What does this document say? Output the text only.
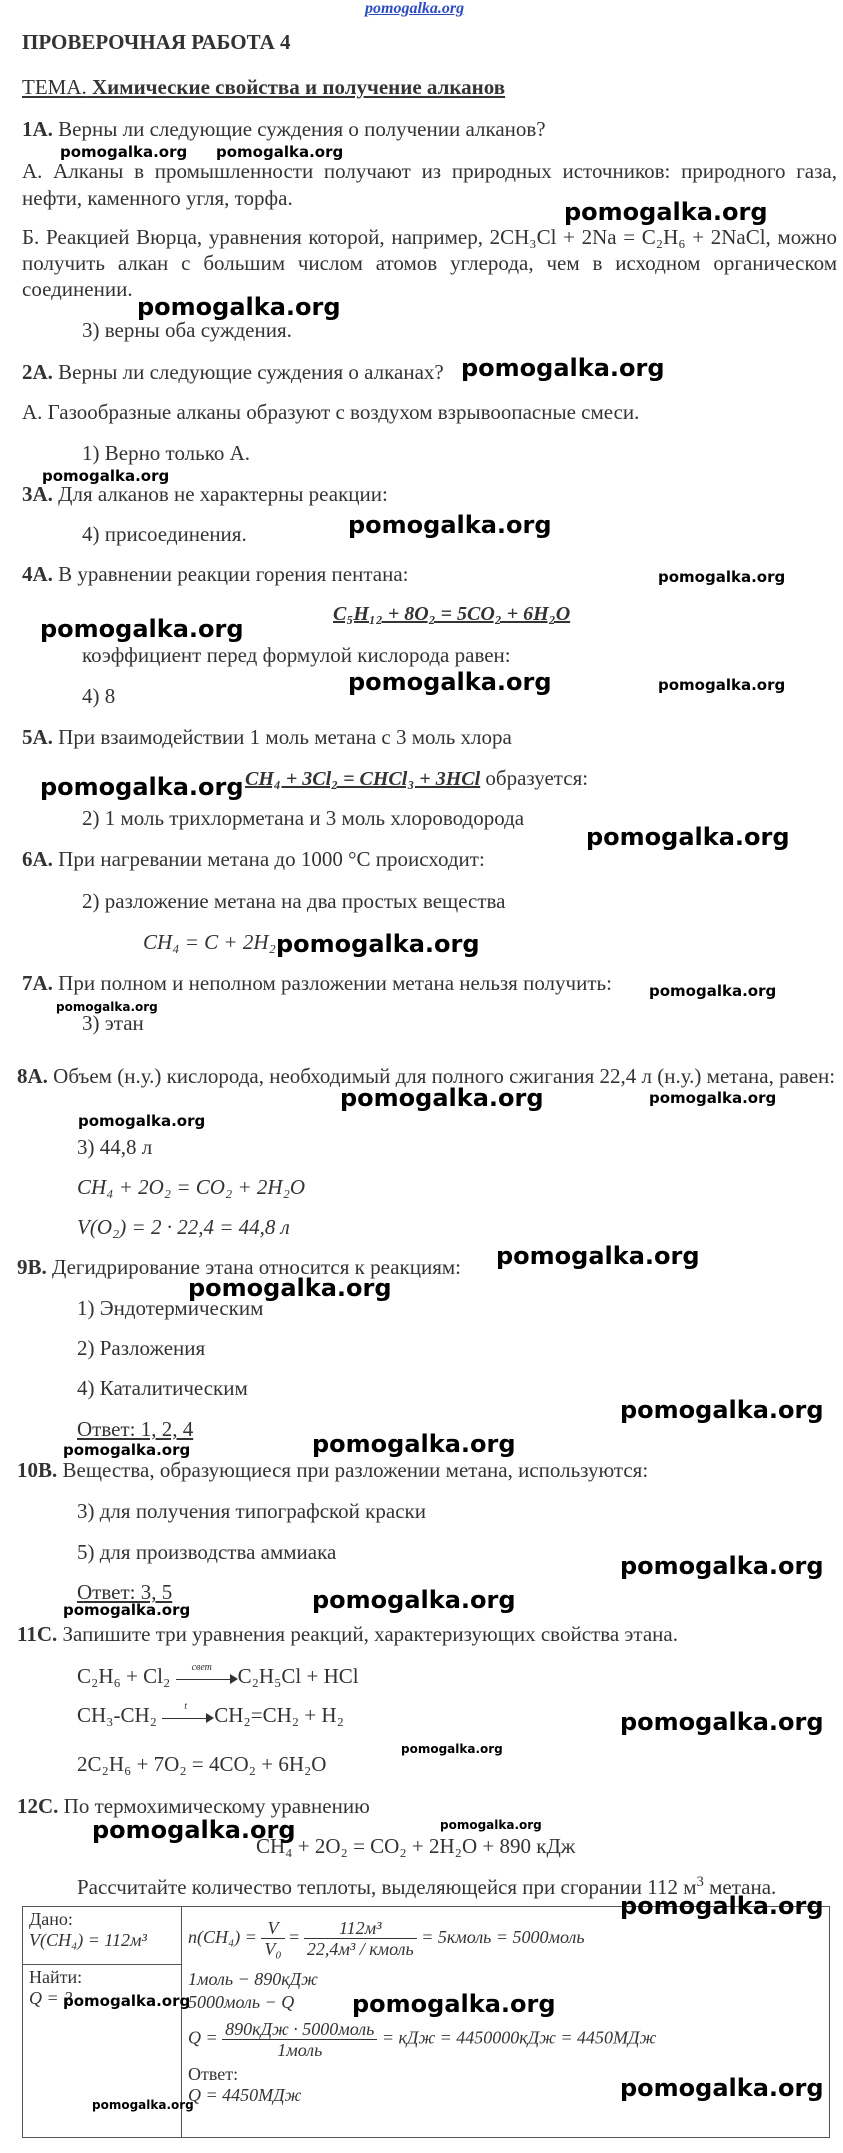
pomogalka.org
ПРОВЕРОЧНАЯ РАБОТА 4
ТЕМА. Химические свойства и получение алканов
1А. Верны ли следующие суждения о получении алканов?
А. Алканы в промышленности получают из природных источников: природного газа, нефти, каменного угля, торфа.
Б. Реакцией Вюрца, уравнения которой, например, 2CH₃Cl + 2Na = C₂H₆ + 2NaCl, можно получить алкан с большим числом атомов углерода, чем в исходном органическом соединении.
3) верны оба суждения.
2А. Верны ли следующие суждения о алканах?
А. Газообразные алканы образуют с воздухом взрывоопасные смеси.
1) Верно только А.
3А. Для алканов не характерны реакции:
4) присоединения.
4А. В уравнении реакции горения пентана:
C₅H₁₂ + 8O₂ = 5CO₂ + 6H₂O
коэффициент перед формулой кислорода равен:
4) 8
5А. При взаимодействии 1 моль метана с 3 моль хлора
CH₄ + 3Cl₂ = CHCl₃ + 3HCl образуется:
2) 1 моль трихлорметана и 3 моль хлороводорода
6А. При нагревании метана до 1000 °С происходит:
2) разложение метана на два простых вещества
CH₄ = C + 2H₂
7А. При полном и неполном разложении метана нельзя получить:
3) этан
8А. Объем (н.у.) кислорода, необходимый для полного сжигания 22,4 л (н.у.) метана, равен:
3) 44,8 л
CH₄ + 2O₂ = CO₂ + 2H₂O
V(O₂) = 2 · 22,4 = 44,8 л
9В. Дегидрирование этана относится к реакциям:
1) Эндотермическим
2) Разложения
4) Каталитическим
Ответ: 1, 2, 4
10В. Вещества, образующиеся при разложении метана, используются:
3) для получения типографской краски
5) для производства аммиака
Ответ: 3, 5
11С. Запишите три уравнения реакций, характеризующих свойства этана.
C₂H₆ + Cl₂ свет C₂H₅Cl + HCl
CH₃-CH₂	t CH₂=CH₂ + H₂
2C₂H₆ + 7O₂ = 4CO₂ + 6H₂O
12С. По термохимическому уравнению
CH₄ + 2O₂ = CO₂ + 2H₂O + 890 кДж
Рассчитайте количество теплоты, выделяющейся при сгорании 112 $м^3$ метана.
Дано:
V(CH₄) = 112м³	$n(CH_4) = \frac{V}{\text{V₀}} = \frac{\text{112м³}}{\text{22,4м³ / кмоль}}$ = 5кмоль = 5000моль
1моль − 890кДж
5000моль − Q
$Q = \frac{\text{890кДж · 5000моль}}{\text{1моль}}$ = кДж = 4450000кДж = 4450МДж
Ответ:
Q = 4450МДж

Найти:
Q = ?
pomogalka.org pomogalka.org
pomogalka.org
pomogalka.org
pomogalka.org
pomogalka.org
pomogalka.org
pomogalka.org
pomogalka.org
pomogalka.org	pomogalka.org
pomogalka.org
pomogalka.org
pomogalka.org
pomogalka.org
pomogalka.org
pomogalka.org	pomogalka.org
pomogalka.org
pomogalka.org
pomogalka.org
pomogalka.org
pomogalka.org
pomogalka.org
pomogalka.org
pomogalka.org
pomogalka.org
pomogalka.org
pomogalka.org
pomogalka.org
pomogalka.org
pomogalka.org
pomogalka.org	pomogalka.org
pomogalka.org
pomogalka.org
